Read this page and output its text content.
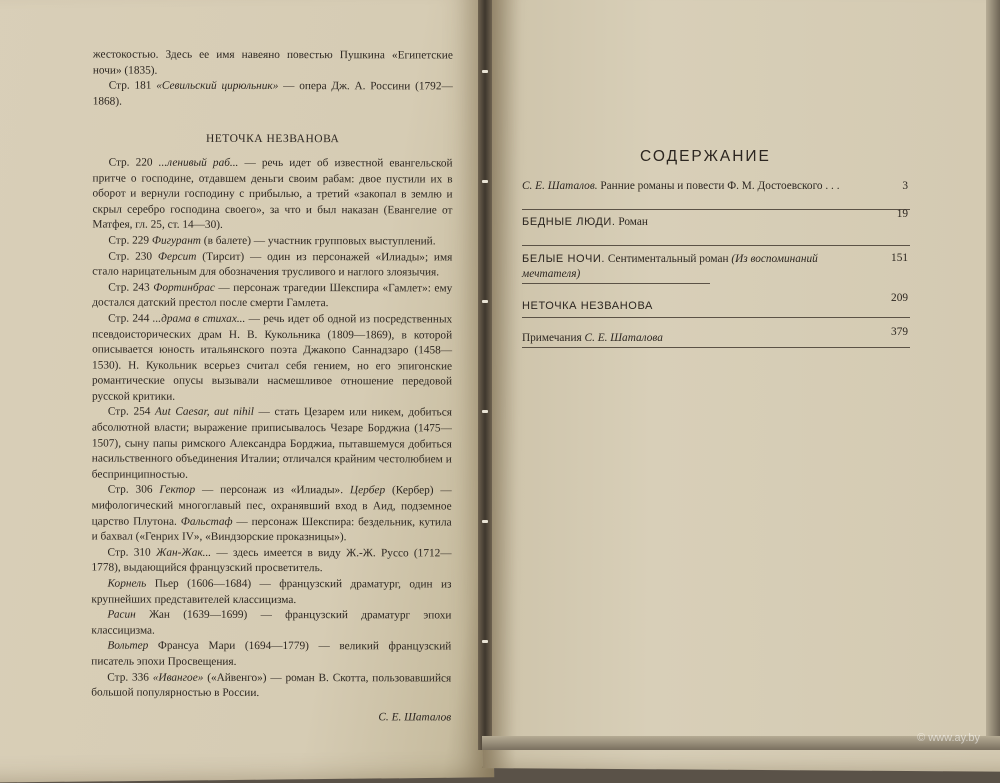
жестокостью. Здесь ее имя навеяно повестью Пушкина «Египетские ночи» (1835).

Стр. 181 «Севильский цирюльник» — опера Дж. А. Россини (1792—1868).

НЕТОЧКА НЕЗВАНОВА

Стр. 220 ...ленивый раб... — речь идет об известной евангельской притче о господине, отдавшем деньги своим рабам: двое пустили их в оборот и вернули господину с прибылью, а третий «закопал в землю и скрыл серебро господина своего», за что и был наказан (Евангелие от Матфея, гл. 25, ст. 14—30).

Стр. 229 Фигурант (в балете) — участник групповых выступлений.

Стр. 230 Ферсит (Тирсит) — один из персонажей «Илиады»; имя стало нарицательным для обозначения трусливого и наглого злоязычия.

Стр. 243 Фортинбрас — персонаж трагедии Шекспира «Гамлет»: ему достался датский престол после смерти Гамлета.

Стр. 244 ...драма в стихах... — речь идет об одной из посредственных псевдоисторических драм Н. В. Кукольника (1809—1869), в которой описывается юность итальянского поэта Джакопо Саннадзаро (1458—1530). Н. Кукольник всерьез считал себя гением, но его эпигонские романтические опусы вызывали насмешливое отношение передовой русской критики.

Стр. 254 Aut Caesar, aut nihil — стать Цезарем или никем, добиться абсолютной власти; выражение приписывалось Чезаре Борджиа (1475—1507), сыну папы римского Александра Борджиа, пытавшемуся добиться насильственного объединения Италии; отличался крайним честолюбием и беспринципностью.

Стр. 306 Гектор — персонаж из «Илиады». Цербер (Кербер) — мифологический многоглавый пес, охранявший вход в Аид, подземное царство Плутона. Фальстаф — персонаж Шекспира: бездельник, кутила и бахвал («Генрих IV», «Виндзорские проказницы»).

Стр. 310 Жан-Жак... — здесь имеется в виду Ж.-Ж. Руссо (1712—1778), выдающийся французский просветитель.

Корнель Пьер (1606—1684) — французский драматург, один из крупнейших представителей классицизма.

Расин Жан (1639—1699) — французский драматург эпохи классицизма.

Вольтер Франсуа Мари (1694—1779) — великий французский писатель эпохи Просвещения.

Стр. 336 «Ивангое» («Айвенго») — роман В. Скотта, пользовавшийся большой популярностью в России.

С. Е. Шаталов

СОДЕРЖАНИЕ
С. Е. Шаталов. Ранние романы и повести Ф. М. Достоевского . . .	3
БЕДНЫЕ ЛЮДИ. Роман
19
БЕЛЫЕ НОЧИ. Сентиментальный роман (Из воспоминаний мечтателя)
151
НЕТОЧКА НЕЗВАНОВА
209
Примечания С. Е. Шаталова	379
© www.ay.by
